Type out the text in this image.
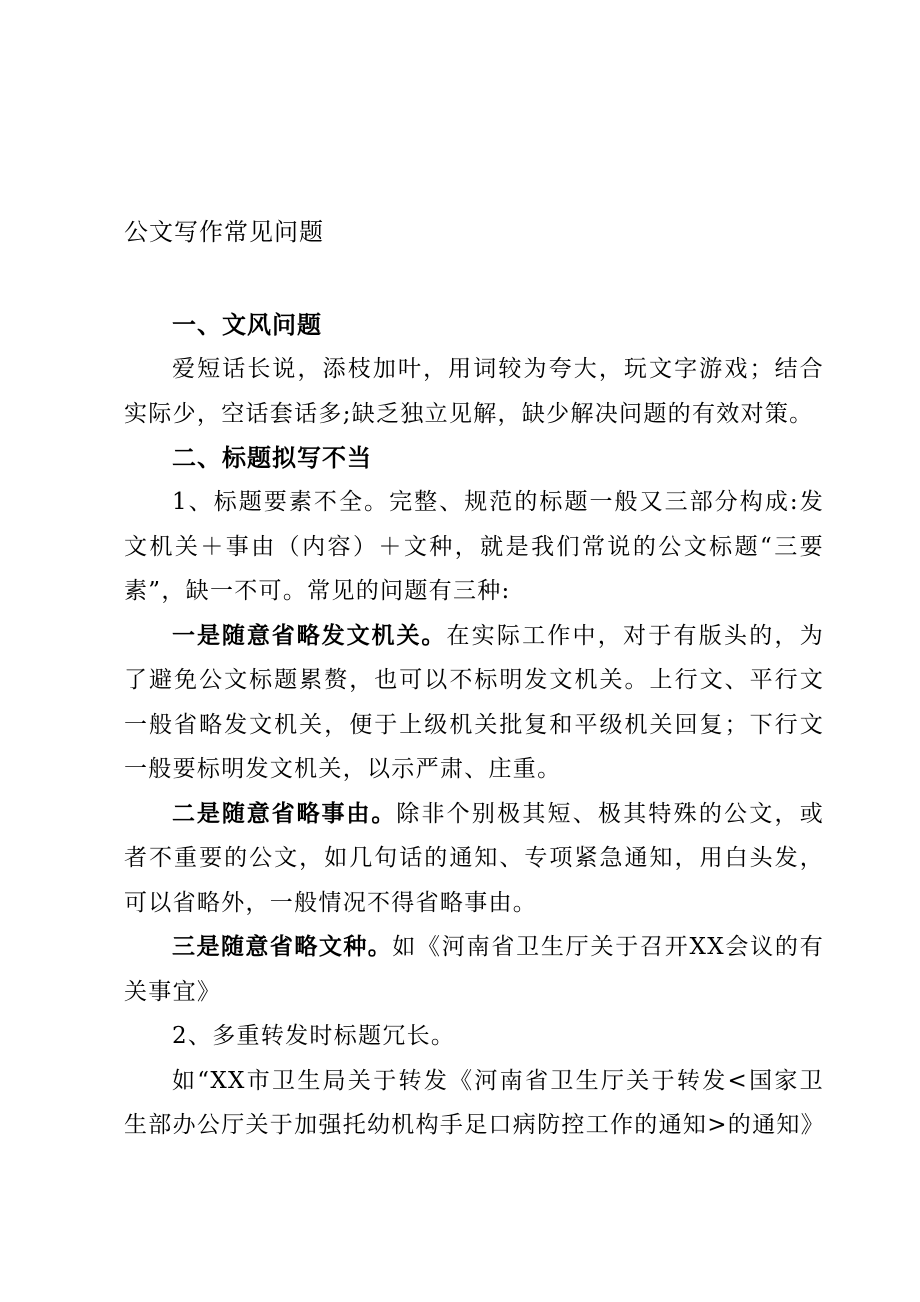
公文写作常见问题

一、文风问题

爱短话长说，添枝加叶，用词较为夸大，玩文字游戏；结合实际少，空话套话多;缺乏独立见解，缺少解决问题的有效对策。

二、标题拟写不当

1、标题要素不全。完整、规范的标题一般又三部分构成:发文机关＋事由（内容）＋文种，就是我们常说的公文标题“三要素”，缺一不可。常见的问题有三种:

一是随意省略发文机关。在实际工作中，对于有版头的，为了避免公文标题累赘，也可以不标明发文机关。上行文、平行文一般省略发文机关，便于上级机关批复和平级机关回复；下行文一般要标明发文机关，以示严肃、庄重。

二是随意省略事由。除非个别极其短、极其特殊的公文，或者不重要的公文，如几句话的通知、专项紧急通知，用白头发，可以省略外，一般情况不得省略事由。

三是随意省略文种。如《河南省卫生厅关于召开XX会议的有关事宜》

2、多重转发时标题冗长。

如“XX市卫生局关于转发《河南省卫生厅关于转发<国家卫生部办公厅关于加强托幼机构手足口病防控工作的通知>的通知》
